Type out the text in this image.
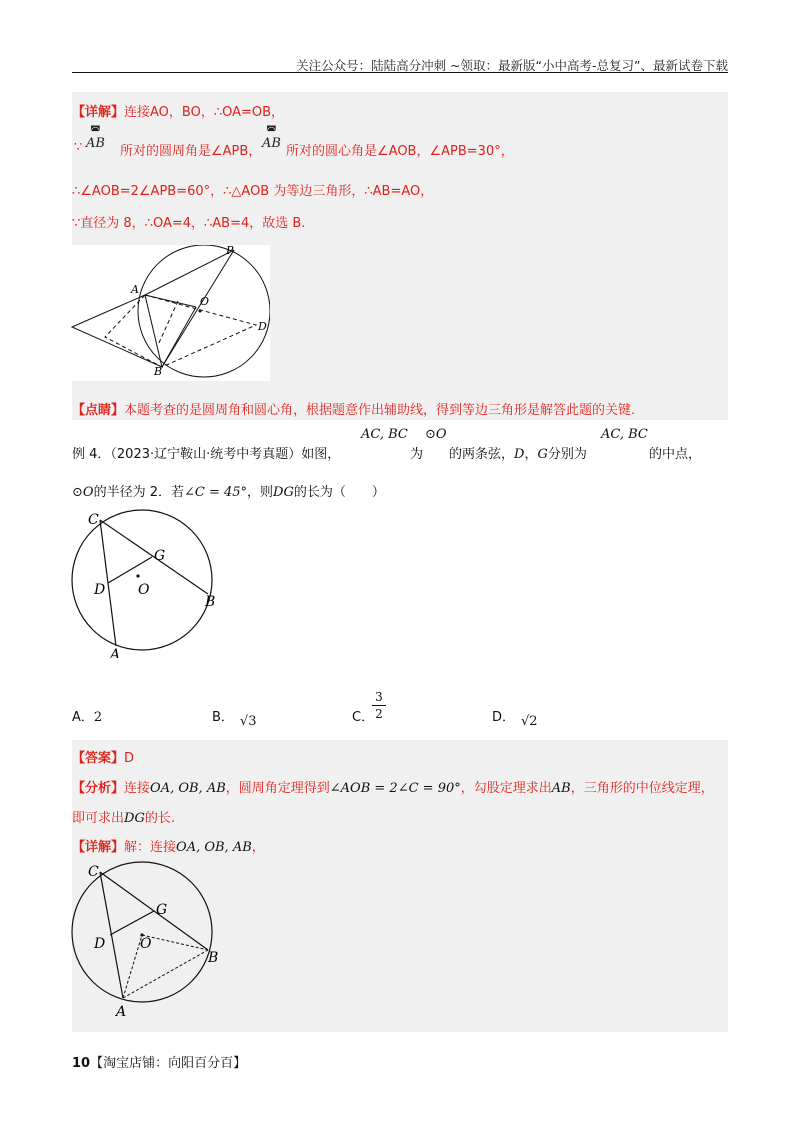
关注公众号：陆陆高分冲刺 ~领取：最新版“小中高考-总复习”、最新试卷下载
【详解】连接AO，BO，∴OA=OB，
∵
◚
AB
所对的圆周角是∠APB，
◚
AB
所对的圆心角是∠AOB，∠APB=30°，
∴∠AOB=2∠APB=60°，∴△AOB 为等边三角形，∴AB=AO，
∵直径为 8，∴OA=4，∴AB=4，故选 B.
P
A
O
D
B
【点睛】本题考查的是圆周角和圆心角，根据题意作出辅助线，得到等边三角形是解答此题的关键.
例 4．（2023·辽宁鞍山·统考中考真题）如图，
AC, BC
为
⊙O
的两条弦，D，G分别为
AC, BC
的中点，
⊙O的半径为 2．若∠C = 45°，则DG的长为（　　）
C
G
D O
B
A
A．2	B． √3	C．
3
2	D． √2
【答案】D
【分析】连接OA, OB, AB，圆周角定理得到∠AOB = 2∠C = 90°，勾股定理求出AB，三角形的中位线定理，
即可求出DG的长.
【详解】解：连接OA, OB, AB，
C
G
D O
B
A
10【淘宝店铺：向阳百分百】
